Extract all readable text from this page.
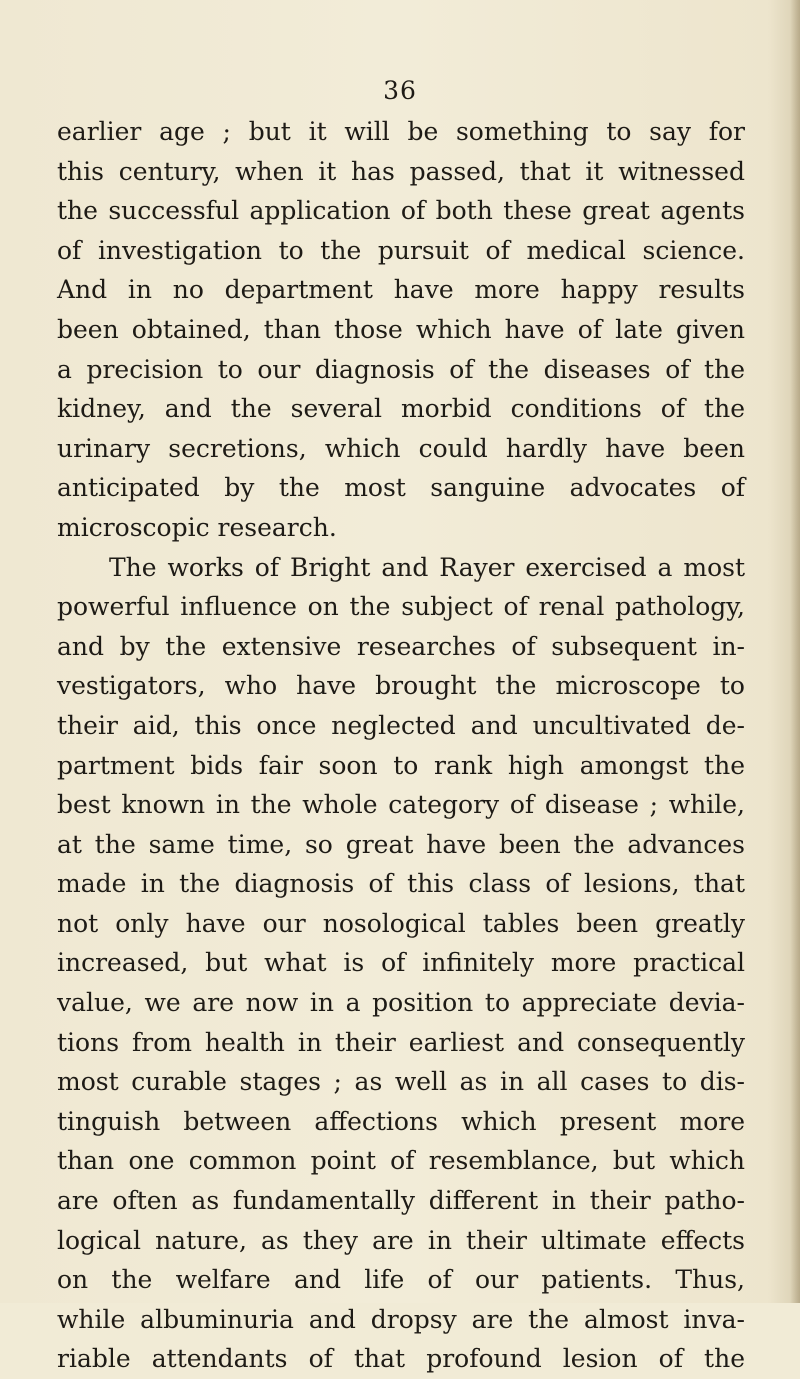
36
earlier age ; but it will be something to say for
this century, when it has passed, that it witnessed
the successful application of both these great agents
of investigation to the pursuit of medical science.
And in no department have more happy results
been obtained, than those which have of late given
a precision to our diagnosis of the diseases of the
kidney, and the several morbid conditions of the
urinary secretions, which could hardly have been
anticipated by the most sanguine advocates of
microscopic research.
The works of Bright and Rayer exercised a most
powerful influence on the subject of renal pathology,
and by the extensive researches of subsequent in-
vestigators, who have brought the microscope to
their aid, this once neglected and uncultivated de-
partment bids fair soon to rank high amongst the
best known in the whole category of disease ; while,
at the same time, so great have been the advances
made in the diagnosis of this class of lesions, that
not only have our nosological tables been greatly
increased, but what is of infinitely more practical
value, we are now in a position to appreciate devia-
tions from health in their earliest and consequently
most curable stages ; as well as in all cases to dis-
tinguish between affections which present more
than one common point of resemblance, but which
are often as fundamentally different in their patho-
logical nature, as they are in their ultimate effects
on the welfare and life of our patients. Thus,
while albuminuria and dropsy are the almost inva-
riable attendants of that profound lesion of the
